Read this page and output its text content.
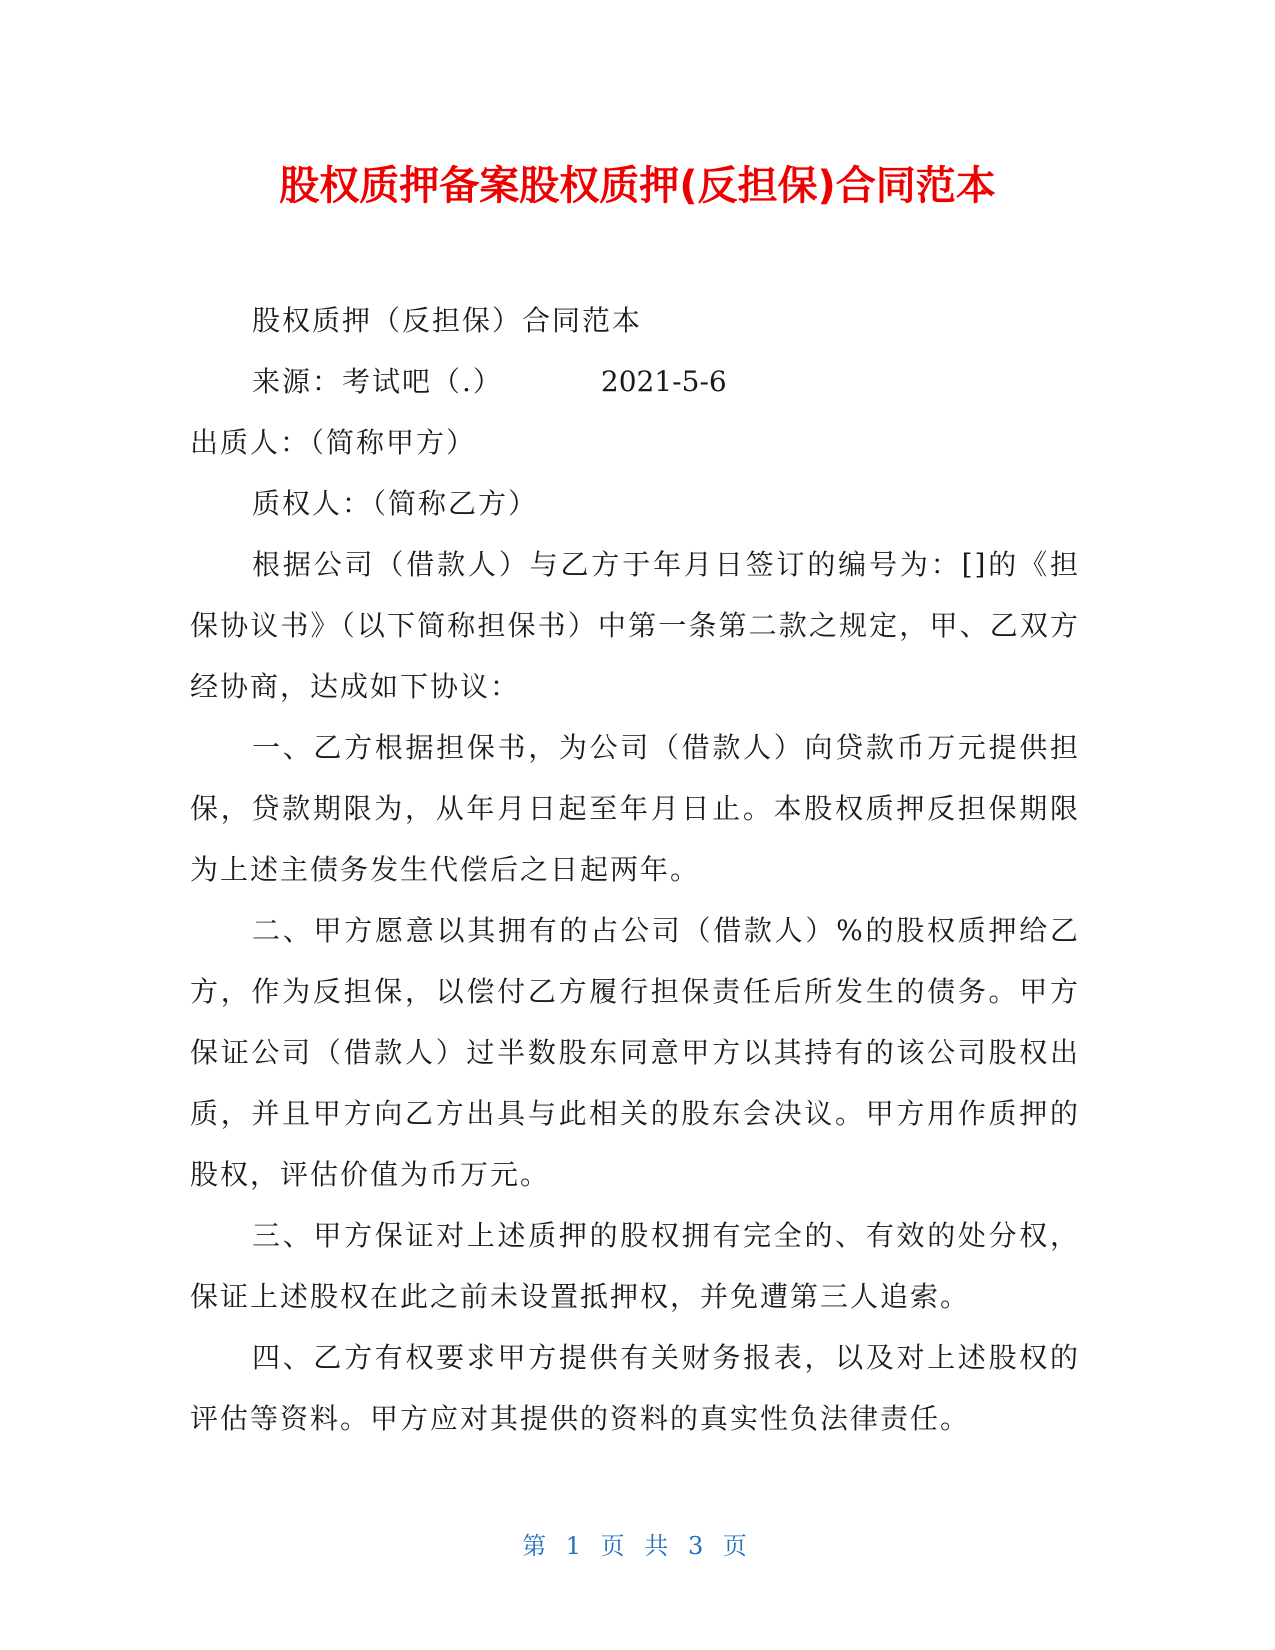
股权质押备案股权质押(反担保)合同范本

股权质押（反担保）合同范本

来源：考试吧（.）	2021-5-6

出质人：（简称甲方）

质权人：（简称乙方）

根据公司（借款人）与乙方于年月日签订的编号为：[]的《担保协议书》（以下简称担保书）中第一条第二款之规定，甲、乙双方经协商，达成如下协议：

一、乙方根据担保书，为公司（借款人）向贷款币万元提供担保，贷款期限为，从年月日起至年月日止。本股权质押反担保期限为上述主债务发生代偿后之日起两年。

二、甲方愿意以其拥有的占公司（借款人）%的股权质押给乙方，作为反担保，以偿付乙方履行担保责任后所发生的债务。甲方保证公司（借款人）过半数股东同意甲方以其持有的该公司股权出质，并且甲方向乙方出具与此相关的股东会决议。甲方用作质押的股权，评估价值为币万元。

三、甲方保证对上述质押的股权拥有完全的、有效的处分权，保证上述股权在此之前未设置抵押权，并免遭第三人追索。

四、乙方有权要求甲方提供有关财务报表，以及对上述股权的评估等资料。甲方应对其提供的资料的真实性负法律责任。

第 1 页 共 3 页
